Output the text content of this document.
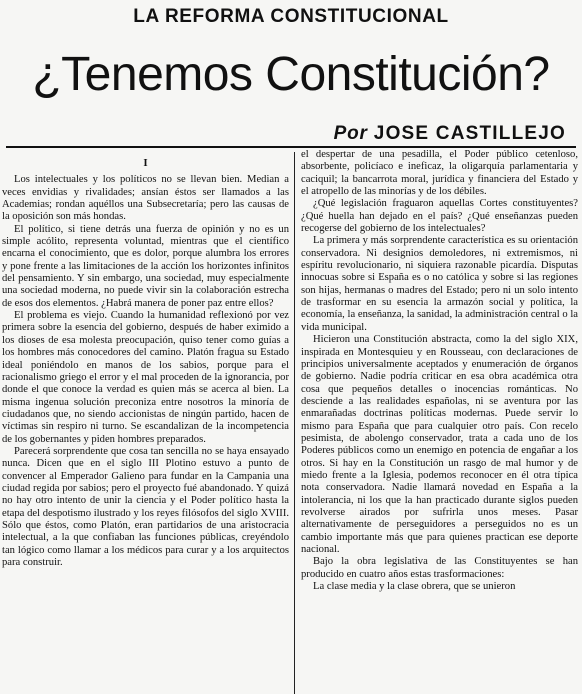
LA REFORMA CONSTITUCIONAL
¿Tenemos Constitución?
Por JOSE CASTILLEJO
I

Los intelectuales y los políticos no se llevan bien. Median a veces envidias y rivalidades; ansían éstos ser llamados a las Academias; rondan aquéllos una Subsecretaría; pero las causas de la oposición son más hondas.

El político, si tiene detrás una fuerza de opinión y no es un simple acólito, representa voluntad, mientras que el científico encarna el conocimiento, que es dolor, porque alumbra los errores y pone frente a las limitaciones de la acción los horizontes infinitos del pensamiento. Y sin embargo, una sociedad, muy especialmente una sociedad moderna, no puede vivir sin la colaboración estrecha de esos dos elementos. ¿Habrá manera de poner paz entre ellos?

El problema es viejo. Cuando la humanidad reflexionó por vez primera sobre la esencia del gobierno, después de haber eximido a los dioses de esa molesta preocupación, quiso tener como guías a los hombres más conocedores del camino. Platón fragua su Estado ideal poniéndolo en manos de los sabios, porque para el racionalismo griego el error y el mal proceden de la ignorancia, por donde el que conoce la verdad es quien más se acerca al bien. La misma ingenua solución preconiza entre nosotros la minoría de ciudadanos que, no siendo accionistas de ningún partido, hacen de víctimas sin respiro ni turno. Se escandalizan de la incompetencia de los gobernantes y piden hombres preparados.

Parecerá sorprendente que cosa tan sencilla no se haya ensayado nunca. Dicen que en el siglo III Plotino estuvo a punto de convencer al Emperador Galieno para fundar en la Campania una ciudad regida por sabios; pero el proyecto fué abandonado. Y quizá no hay otro intento de unir la ciencia y el Poder político hasta la etapa del despotismo ilustrado y los reyes filósofos del siglo XVIII. Sólo que éstos, como Platón, eran partidarios de una aristocracia intelectual, a la que confiaban las funciones públicas, creyéndolo tan lógico como llamar a los médicos para curar y a los arquitectos para construir.

el despertar de una pesadilla, el Poder público cetenloso, absorbente, policíaco e ineficaz, la oligarquía parlamentaria y caciquil; la bancarrota moral, jurídica y financiera del Estado y el atropello de las minorías y de los débiles.

¿Qué legislación fraguaron aquellas Cortes constituyentes? ¿Qué huella han dejado en el país? ¿Qué enseñanzas pueden recogerse del gobierno de los intelectuales?

La primera y más sorprendente característica es su orientación conservadora. Ni designios demoledores, ni extremismos, ni espíritu revolucionario, ni siquiera razonable picardía. Disputas innocuas sobre si España es o no católica y sobre si las regiones son hijas, hermanas o madres del Estado; pero ni un solo intento de trasformar en su esencia la armazón social y política, la economía, la enseñanza, la sanidad, la administración central o la vida municipal.

Hicieron una Constitución abstracta, como la del siglo XIX, inspirada en Montesquieu y en Rousseau, con declaraciones de principios universalmente aceptados y enumeración de órganos de gobierno. Nadie podría criticar en esa obra académica otra cosa que pequeños detalles o inocencias románticas. No desciende a las realidades españolas, ni se aventura por las enmarañadas doctrinas políticas modernas. Puede servir lo mismo para España que para cualquier otro país. Con recelo pesimista, de abolengo conservador, trata a cada uno de los Poderes públicos como un enemigo en potencia de engañar a los otros. Si hay en la Constitución un rasgo de mal humor y de miedo frente a la Iglesia, podemos reconocer en él otra típica nota conservadora. Nadie llamará novedad en España a la intolerancia, ni los que la han practicado durante siglos pueden revolverse airados por sufrirla unos meses. Pasar alternativamente de perseguidores a perseguidos no es un cambio importante más que para quienes practican ese deporte nacional.

Bajo la obra legislativa de las Constituyentes se han producido en cuatro años estas trasformaciones:

La clase media y la clase obrera, que se unieron
